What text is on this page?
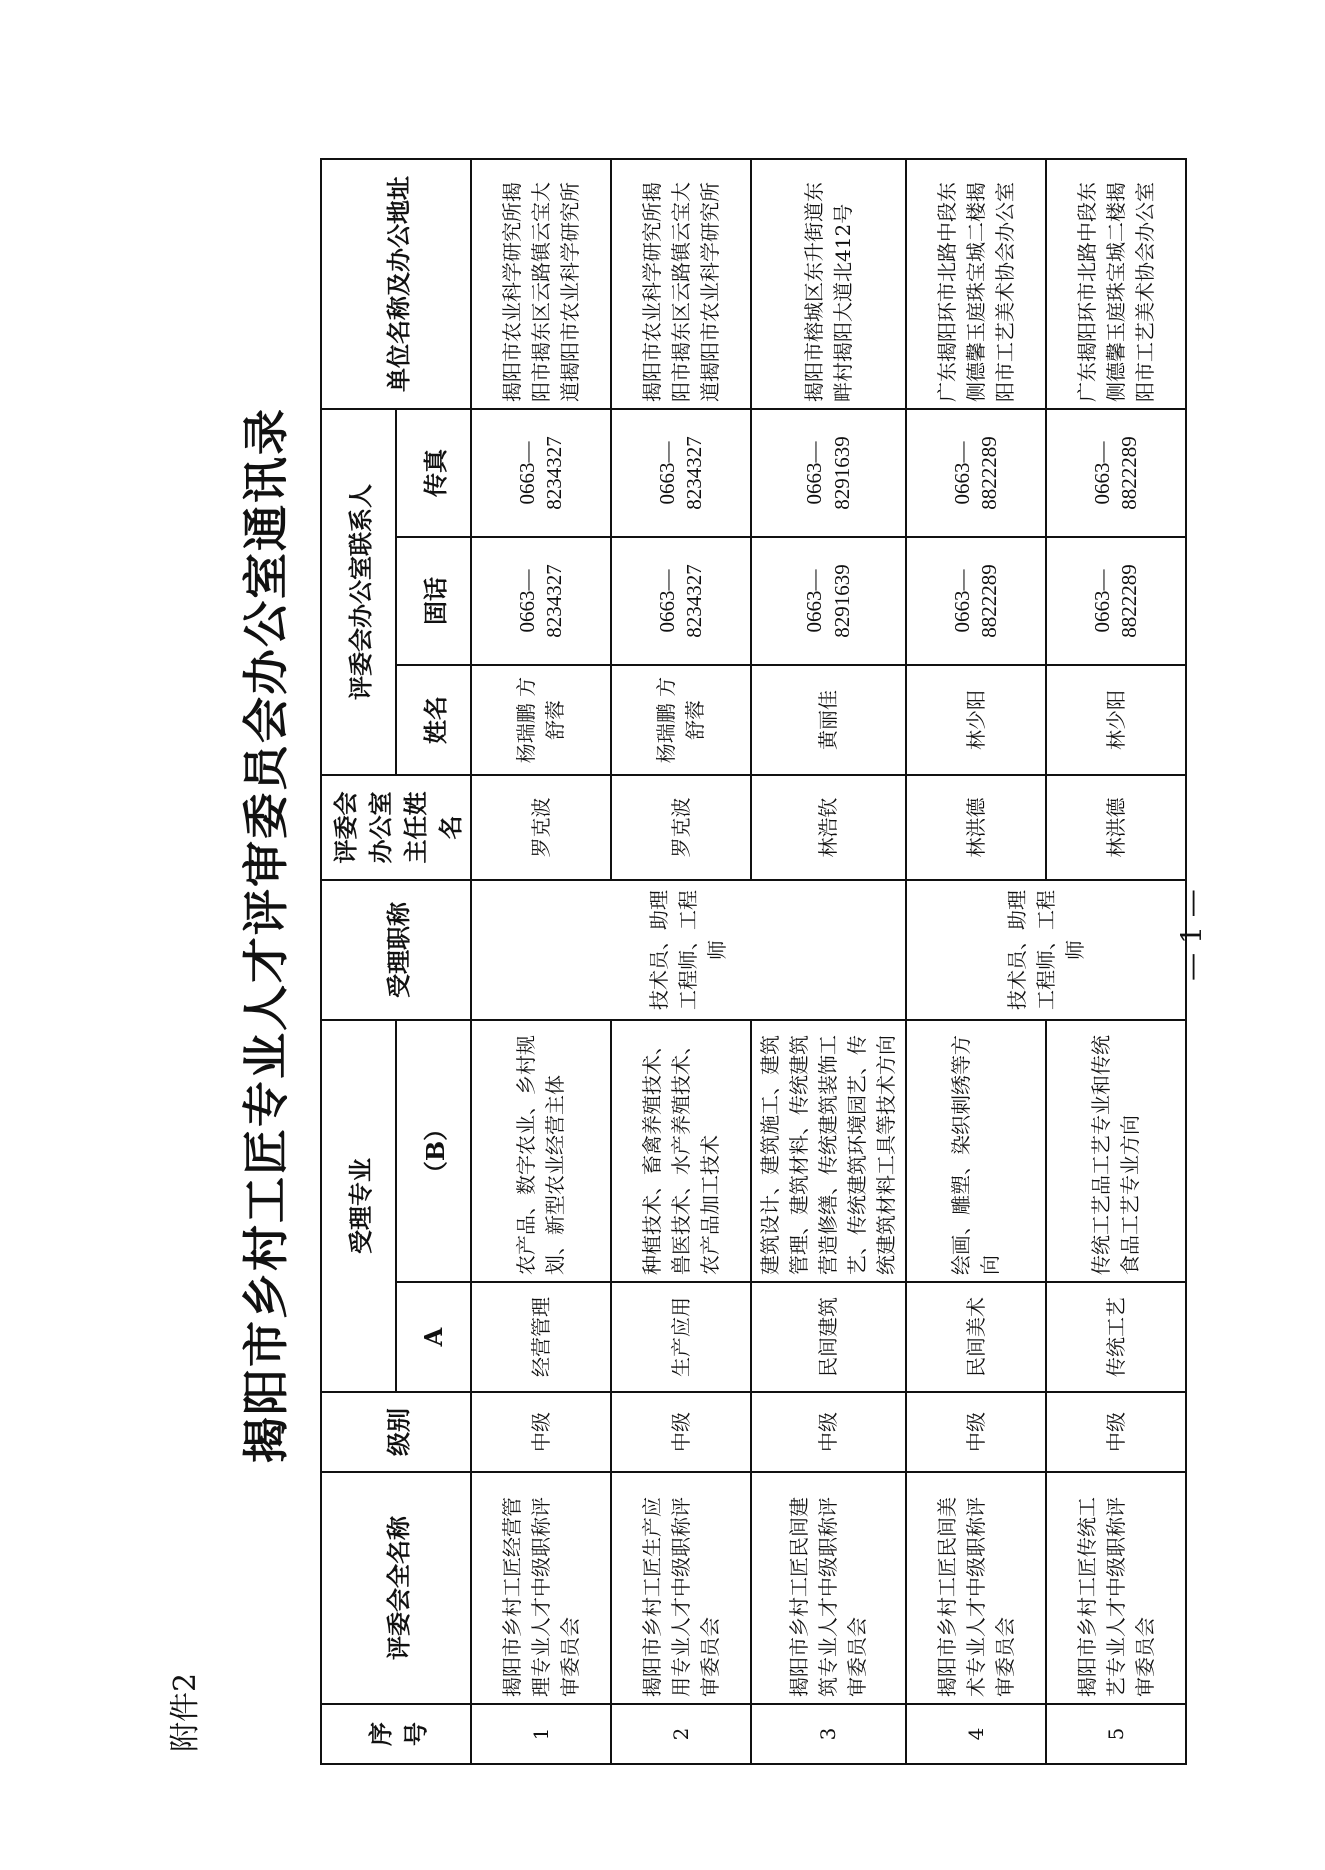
附件2
揭阳市乡村工匠专业人才评审委员会办公室通讯录
序号	评委会全名称	级别	受理专业		受理职称	评委会办公室主任姓名	评委会办公室联系人			单位名称及办公地址
			A	（B）			姓名	固话	传真	
1	揭阳市乡村工匠经营管理专业人才中级职称评审委员会	中级	经营管理	农产品、数字农业、乡村规划、新型农业经营主体	技术员、助理工程师、工程师	罗克波	杨瑞鹏 方舒蓉	0663—8234327	0663—8234327	揭阳市农业科学研究所揭阳市揭东区云路镇云宝大道揭阳市农业科学研究所
2	揭阳市乡村工匠生产应用专业人才中级职称评审委员会	中级	生产应用	种植技术、畜禽养殖技术、兽医技术、水产养殖技术、农产品加工技术		罗克波	杨瑞鹏 方舒蓉	0663—8234327	0663—8234327	揭阳市农业科学研究所揭阳市揭东区云路镇云宝大道揭阳市农业科学研究所
3	揭阳市乡村工匠民间建筑专业人才中级职称评审委员会	中级	民间建筑	建筑设计、建筑施工、建筑管理、建筑材料、传统建筑营造修缮、传统建筑装饰工艺、传统建筑环境园艺、传统建筑材料工具等技术方向		林浩钦	黄丽佳	0663—8291639	0663—8291639	揭阳市榕城区东升街道东畔村揭阳大道北412号
4	揭阳市乡村工匠民间美术专业人才中级职称评审委员会	中级	民间美术	绘画、雕塑、染织刺绣等方向	技术员、助理工程师、工程师	林洪德	林少阳	0663—8822289	0663—8822289	广东揭阳环市北路中段东侧德馨玉庭珠宝城二楼揭阳市工艺美术协会办公室
5	揭阳市乡村工匠传统工艺专业人才中级职称评审委员会	中级	传统工艺	传统工艺品工艺专业和传统食品工艺专业方向		林洪德	林少阳	0663—8822289	0663—8822289	广东揭阳环市北路中段东侧德馨玉庭珠宝城二楼揭阳市工艺美术协会办公室
— 1 —
